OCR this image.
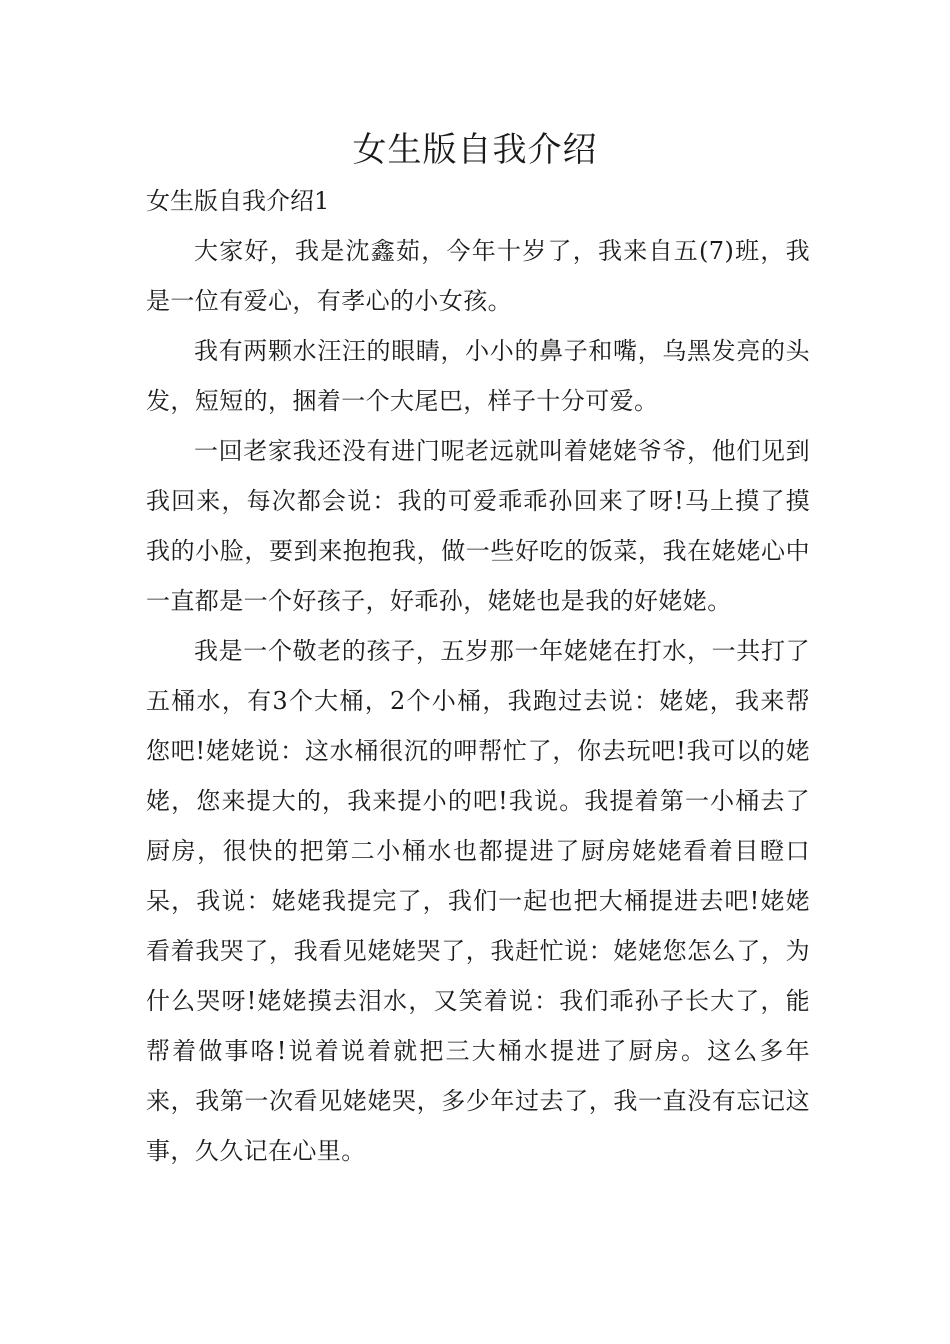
女生版自我介绍
女生版自我介绍1

大家好，我是沈鑫茹，今年十岁了，我来自五(7)班，我是一位有爱心，有孝心的小女孩。

我有两颗水汪汪的眼睛，小小的鼻子和嘴，乌黑发亮的头发，短短的，捆着一个大尾巴，样子十分可爱。

一回老家我还没有进门呢老远就叫着姥姥爷爷，他们见到我回来，每次都会说：我的可爱乖乖孙回来了呀!马上摸了摸我的小脸，要到来抱抱我，做一些好吃的饭菜，我在姥姥心中一直都是一个好孩子，好乖孙，姥姥也是我的好姥姥。

我是一个敬老的孩子，五岁那一年姥姥在打水，一共打了五桶水，有3个大桶，2个小桶，我跑过去说：姥姥，我来帮您吧!姥姥说：这水桶很沉的呷帮忙了，你去玩吧!我可以的姥姥，您来提大的，我来提小的吧!我说。我提着第一小桶去了厨房，很快的把第二小桶水也都提进了厨房姥姥看着目瞪口呆，我说：姥姥我提完了，我们一起也把大桶提进去吧!姥姥看着我哭了，我看见姥姥哭了，我赶忙说：姥姥您怎么了，为什么哭呀!姥姥摸去泪水，又笑着说：我们乖孙子长大了，能帮着做事咯!说着说着就把三大桶水提进了厨房。这么多年来，我第一次看见姥姥哭，多少年过去了，我一直没有忘记这事，久久记在心里。
